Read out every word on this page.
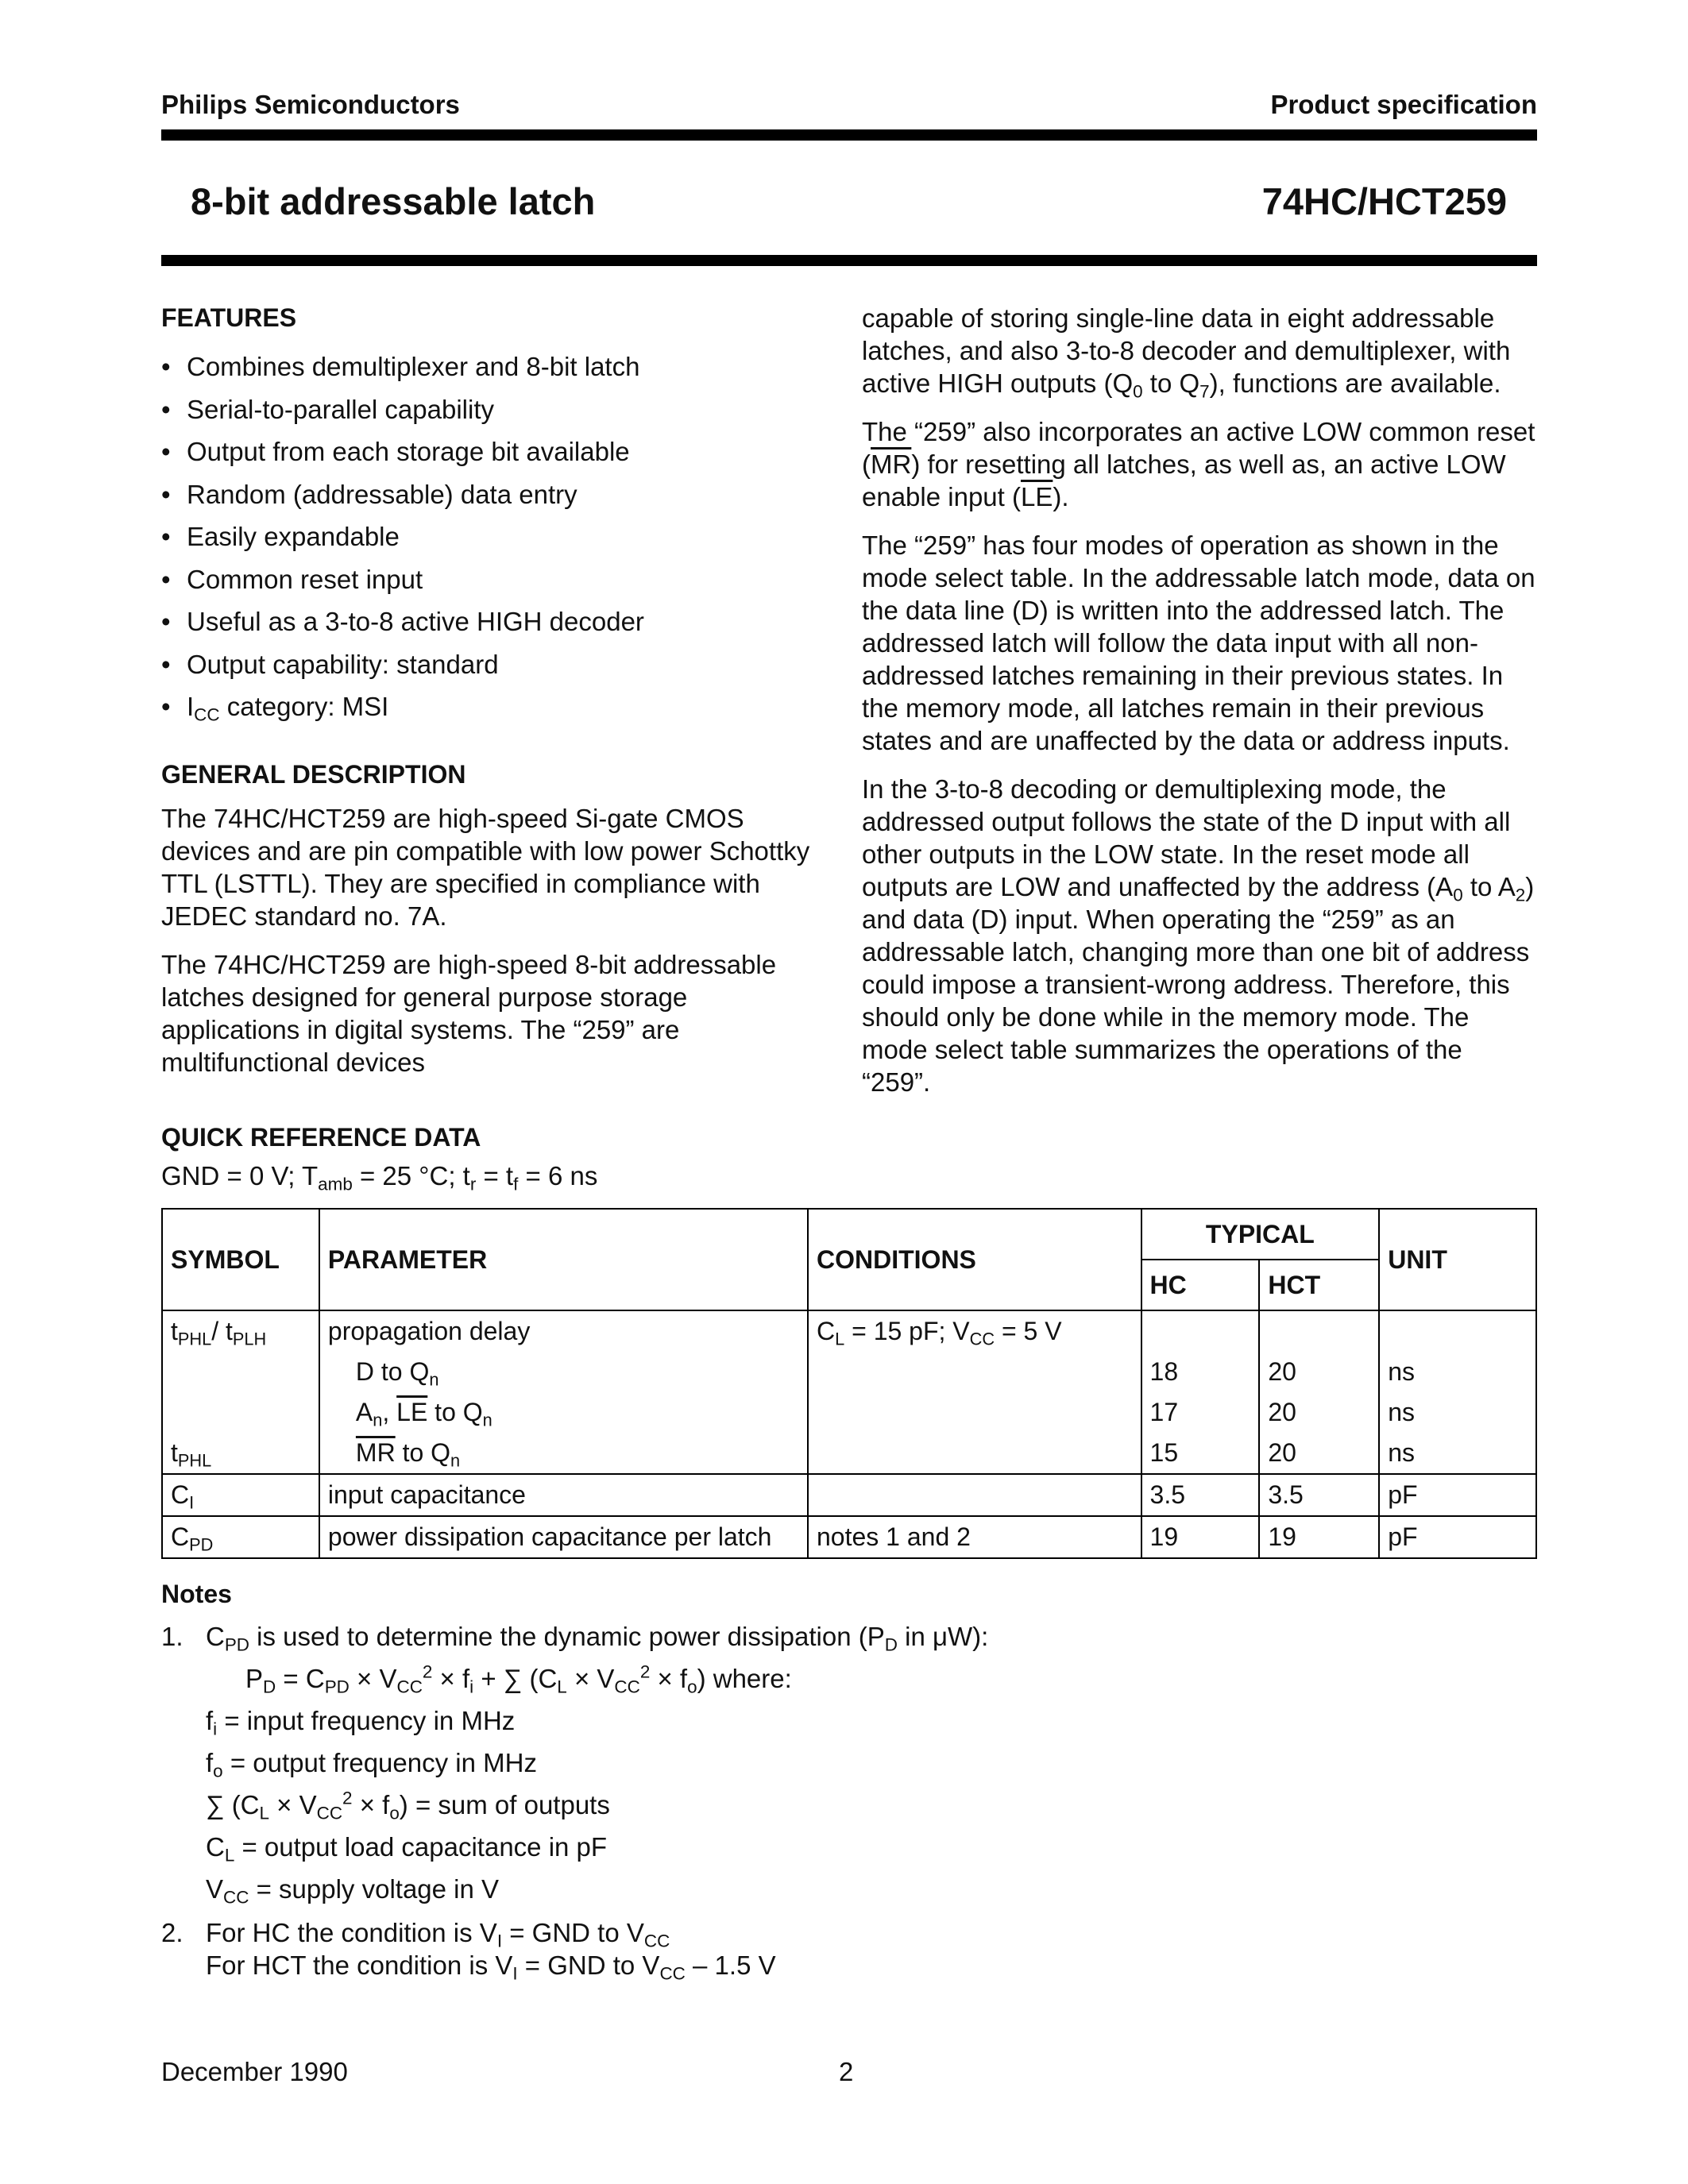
Philips Semiconductors	Product specification
8-bit addressable latch	74HC/HCT259
FEATURES
• Combines demultiplexer and 8-bit latch
• Serial-to-parallel capability
• Output from each storage bit available
• Random (addressable) data entry
• Easily expandable
• Common reset input
• Useful as a 3-to-8 active HIGH decoder
• Output capability: standard
• $I_{CC}$ category: MSI
GENERAL DESCRIPTION

The 74HC/HCT259 are high-speed Si-gate CMOS devices and are pin compatible with low power Schottky TTL (LSTTL). They are specified in compliance with JEDEC standard no. 7A.

The 74HC/HCT259 are high-speed 8-bit addressable latches designed for general purpose storage applications in digital systems. The “259” are multifunctional devices

capable of storing single-line data in eight addressable latches, and also 3-to-8 decoder and demultiplexer, with active HIGH outputs ($Q_0$ to $Q_7$), functions are available.

The “259” also incorporates an active LOW common reset $(\overline{MR})$ for resetting all latches, as well as, an active LOW enable input $(\overline{LE})$.

The “259” has four modes of operation as shown in the mode select table. In the addressable latch mode, data on the data line (D) is written into the addressed latch. The addressed latch will follow the data input with all non-addressed latches remaining in their previous states. In the memory mode, all latches remain in their previous states and are unaffected by the data or address inputs.

In the 3-to-8 decoding or demultiplexing mode, the addressed output follows the state of the D input with all other outputs in the LOW state. In the reset mode all outputs are LOW and unaffected by the address ($A_0$ to $A_2$) and data (D) input. When operating the “259” as an addressable latch, changing more than one bit of address could impose a transient-wrong address. Therefore, this should only be done while in the memory mode. The mode select table summarizes the operations of the “259”.

QUICK REFERENCE DATA
GND = 0 V; $T_{amb} = 25$ °C; $t_r = t_f = 6$ ns
SYMBOL	PARAMETER	CONDITIONS	TYPICAL		UNIT
			HC	HCT	
$t_{PHL}/$ $t_{PLH}$	propagation delay	$C_L = 15$ pF; $V_{CC} = 5$ V			
	D to $Q_n$		18	20	ns
	$A_n$, $\overline{LE}$ to $Q_n$		17	20	ns
$t_{PHL}$	$\overline{MR}$ to $Q_n$		15	20	ns
$C_I$	input capacitance		3.5	3.5	pF
$C_{PD}$	power dissipation capacitance per latch	notes 1 and 2	19	19	pF
Notes
1. $C_{PD}$ is used to determine the dynamic power dissipation ($P_D$ in μW):
$P_D = C_{PD} \times V_{CC}^2 \times f_i$ + ∑ $(C_L \times V_{CC}^2 \times f_o)$ where:
$f_i$ = input frequency in MHz
$f_o$ = output frequency in MHz
∑ $(C_L \times V_{CC}^2 \times f_o)$ = sum of outputs
$C_L$ = output load capacitance in pF
$V_{CC}$ = supply voltage in V
2. For HC the condition is $V_I$ = GND to $V_{CC}$
For HCT the condition is $V_I$ = GND to $V_{CC} - 1.5$ V
December 1990	2
